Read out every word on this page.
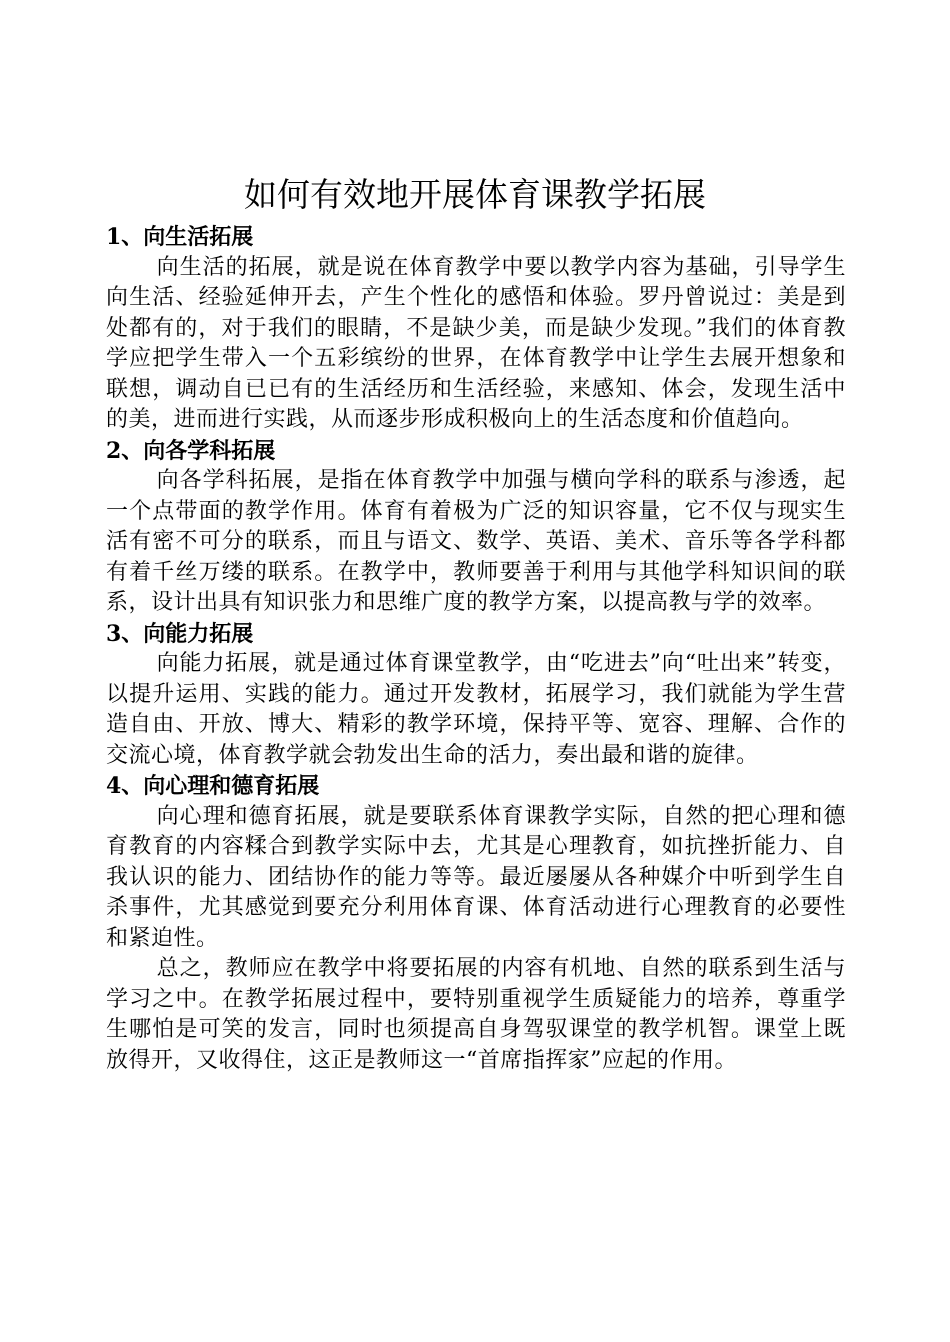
如何有效地开展体育课教学拓展

1、向生活拓展

向生活的拓展，就是说在体育教学中要以教学内容为基础，引导学生向生活、经验延伸开去，产生个性化的感悟和体验。罗丹曾说过：美是到处都有的，对于我们的眼睛，不是缺少美，而是缺少发现。”我们的体育教学应把学生带入一个五彩缤纷的世界，在体育教学中让学生去展开想象和联想，调动自已已有的生活经历和生活经验，来感知、体会，发现生活中的美，进而进行实践，从而逐步形成积极向上的生活态度和价值趋向。

2、向各学科拓展

向各学科拓展，是指在体育教学中加强与横向学科的联系与渗透，起一个点带面的教学作用。体育有着极为广泛的知识容量，它不仅与现实生活有密不可分的联系，而且与语文、数学、英语、美术、音乐等各学科都有着千丝万缕的联系。在教学中，教师要善于利用与其他学科知识间的联系，设计出具有知识张力和思维广度的教学方案，以提高教与学的效率。

3、向能力拓展

向能力拓展，就是通过体育课堂教学，由“吃进去”向“吐出来”转变，以提升运用、实践的能力。通过开发教材，拓展学习，我们就能为学生营造自由、开放、博大、精彩的教学环境，保持平等、宽容、理解、合作的交流心境，体育教学就会勃发出生命的活力，奏出最和谐的旋律。

4、向心理和德育拓展

向心理和德育拓展，就是要联系体育课教学实际，自然的把心理和德育教育的内容糅合到教学实际中去，尤其是心理教育，如抗挫折能力、自我认识的能力、团结协作的能力等等。最近屡屡从各种媒介中听到学生自杀事件，尤其感觉到要充分利用体育课、体育活动进行心理教育的必要性和紧迫性。

总之，教师应在教学中将要拓展的内容有机地、自然的联系到生活与学习之中。在教学拓展过程中，要特别重视学生质疑能力的培养，尊重学生哪怕是可笑的发言，同时也须提高自身驾驭课堂的教学机智。课堂上既放得开，又收得住，这正是教师这一“首席指挥家”应起的作用。
